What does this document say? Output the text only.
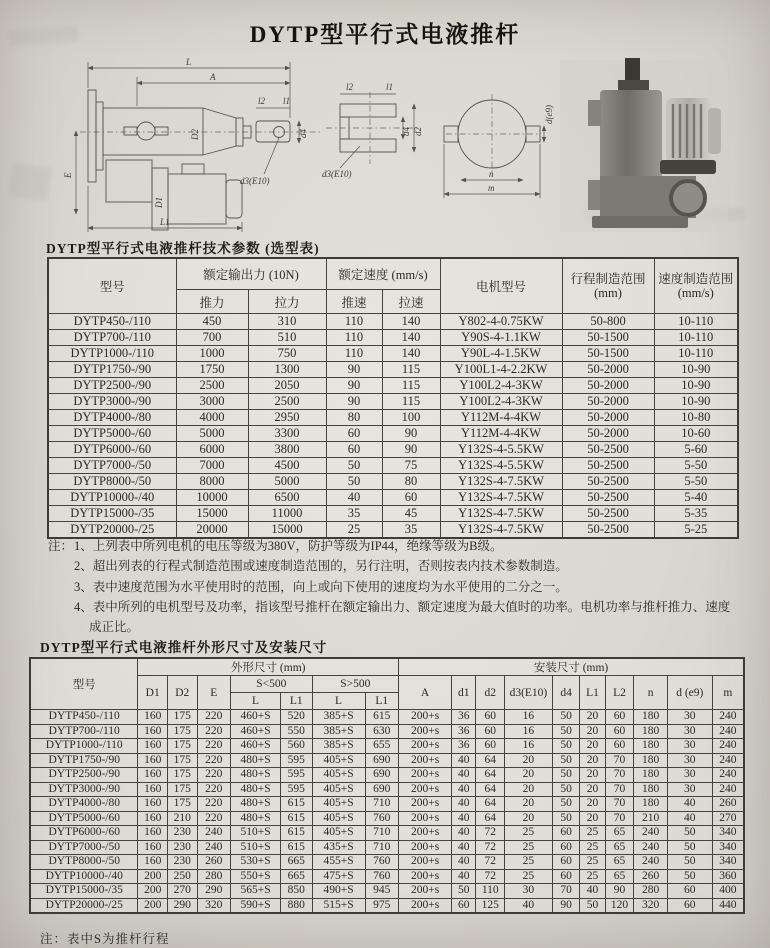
DYTP型平行式电液推杆
L
A
l2 l1
d4
d3(E10)
E
D2
D1
L1
l2	l1
d3(E10)
d4 d2
d(e9)
n
m
DYTP型平行式电液推杆技术参数 (选型表)
型号	额定输出力 (10N)		额定速度 (mm/s)		电机型号	行程制造范围
(mm)	速度制造范围
(mm/s)

	推力	拉力	推速	拉速			
DYTP450-/110	450	310	110	140	Y802-4-0.75KW	50-800	10-110
DYTP700-/110	700	510	110	140	Y90S-4-1.1KW	50-1500	10-110
DYTP1000-/110	1000	750	110	140	Y90L-4-1.5KW	50-1500	10-110
DYTP1750-/90	1750	1300	90	115	Y100L1-4-2.2KW	50-2000	10-90
DYTP2500-/90	2500	2050	90	115	Y100L2-4-3KW	50-2000	10-90
DYTP3000-/90	3000	2500	90	115	Y100L2-4-3KW	50-2000	10-90
DYTP4000-/80	4000	2950	80	100	Y112M-4-4KW	50-2000	10-80
DYTP5000-/60	5000	3300	60	90	Y112M-4-4KW	50-2000	10-60
DYTP6000-/60	6000	3800	60	90	Y132S-4-5.5KW	50-2500	5-60
DYTP7000-/50	7000	4500	50	75	Y132S-4-5.5KW	50-2500	5-50
DYTP8000-/50	8000	5000	50	80	Y132S-4-7.5KW	50-2500	5-50
DYTP10000-/40	10000	6500	40	60	Y132S-4-7.5KW	50-2500	5-40
DYTP15000-/35	15000	11000	35	45	Y132S-4-7.5KW	50-2500	5-35
DYTP20000-/25	20000	15000	25	35	Y132S-4-7.5KW	50-2500	5-25
注： 1、上列表中所列电机的电压等级为380V，防护等级为IP44，绝缘等级为B级。
2、超出列表的行程式制造范围或速度制造范围的，另行注明，否则按表内技术参数制造。
3、表中速度范围为水平使用时的范围，向上或向下使用的速度均为水平使用的二分之一。
4、表中所列的电机型号及功率，指该型号推杆在额定输出力、额定速度为最大值时的功率。电机功率与推杆推力、速度成正比。
DYTP型平行式电液推杆外形尺寸及安装尺寸
型号	外形尺寸 (mm)							安装尺寸 (mm)									
	D1	D2	E	S<500		S>500		A	d1	d2	d3(E10)	d4	L1	L2	n	d (e9)	m
				L	L1	L	L1										
DYTP450-/110	160	175	220	460+S	520	385+S	615	200+s	36	60	16	50	20	60	180	30	240
DYTP700-/110	160	175	220	460+S	550	385+S	630	200+s	36	60	16	50	20	60	180	30	240
DYTP1000-/110	160	175	220	460+S	560	385+S	655	200+s	36	60	16	50	20	60	180	30	240
DYTP1750-/90	160	175	220	480+S	595	405+S	690	200+s	40	64	20	50	20	70	180	30	240
DYTP2500-/90	160	175	220	480+S	595	405+S	690	200+s	40	64	20	50	20	70	180	30	240
DYTP3000-/90	160	175	220	480+S	595	405+S	690	200+s	40	64	20	50	20	70	180	30	240
DYTP4000-/80	160	175	220	480+S	615	405+S	710	200+s	40	64	20	50	20	70	180	40	260
DYTP5000-/60	160	210	220	480+S	615	405+S	760	200+s	40	64	20	50	20	70	210	40	270
DYTP6000-/60	160	230	240	510+S	615	405+S	710	200+s	40	72	25	60	25	65	240	50	340
DYTP7000-/50	160	230	240	510+S	615	435+S	710	200+s	40	72	25	60	25	65	240	50	340
DYTP8000-/50	160	230	260	530+S	665	455+S	760	200+s	40	72	25	60	25	65	240	50	340
DYTP10000-/40	200	250	280	550+S	665	475+S	760	200+s	40	72	25	60	25	65	260	50	360
DYTP15000-/35	200	270	290	565+S	850	490+S	945	200+s	50	110	30	70	40	90	280	60	400
DYTP20000-/25	200	290	320	590+S	880	515+S	975	200+s	60	125	40	90	50	120	320	60	440
注：表中S为推杆行程
